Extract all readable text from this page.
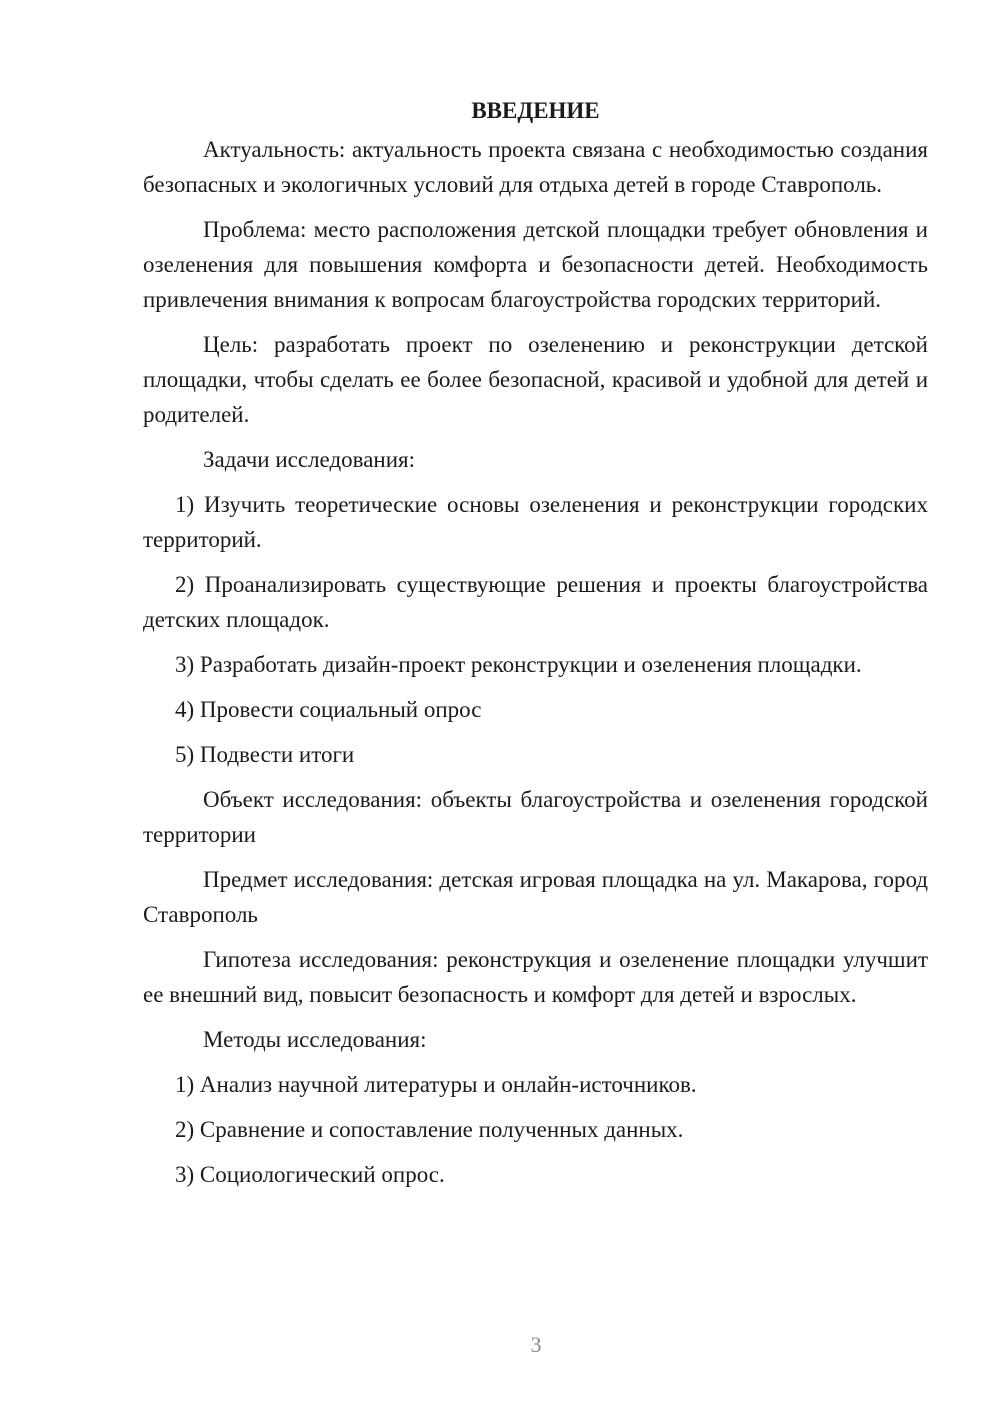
ВВЕДЕНИЕ

Актуальность: актуальность проекта связана с необходимостью создания безопасных и экологичных условий для отдыха детей в городе Ставрополь.

Проблема: место расположения детской площадки требует обновления и озеленения для повышения комфорта и безопасности детей. Необходимость привлечения внимания к вопросам благоустройства городских территорий.

Цель: разработать проект по озеленению и реконструкции детской площадки, чтобы сделать ее более безопасной, красивой и удобной для детей и родителей.

Задачи исследования:

1) Изучить теоретические основы озеленения и реконструкции городских территорий.

2) Проанализировать существующие решения и проекты благоустройства детских площадок.

3) Разработать дизайн-проект реконструкции и озеленения площадки.

4) Провести социальный опрос

5) Подвести итоги

Объект исследования: объекты благоустройства и озеленения городской территории

Предмет исследования: детская игровая площадка на ул. Макарова, город Ставрополь

Гипотеза исследования: реконструкция и озеленение площадки улучшит ее внешний вид, повысит безопасность и комфорт для детей и взрослых.

Методы исследования:

1) Анализ научной литературы и онлайн-источников.

2) Сравнение и сопоставление полученных данных.

3) Социологический опрос.

3
